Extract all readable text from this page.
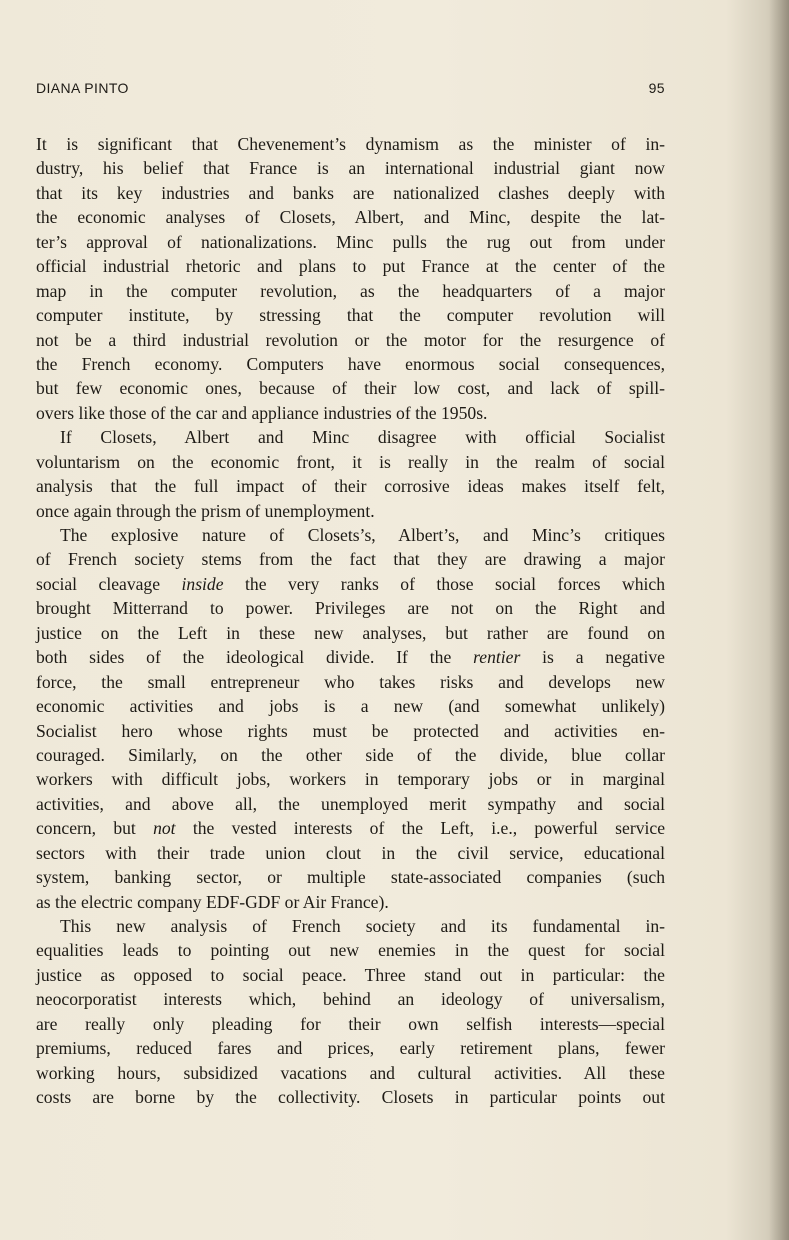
DIANA PINTO	95
It is significant that Chevenement’s dynamism as the minister of in-
dustry, his belief that France is an international industrial giant now
that its key industries and banks are nationalized clashes deeply with
the economic analyses of Closets, Albert, and Minc, despite the lat-
ter’s approval of nationalizations. Minc pulls the rug out from under
official industrial rhetoric and plans to put France at the center of the
map in the computer revolution, as the headquarters of a major
computer institute, by stressing that the computer revolution will
not be a third industrial revolution or the motor for the resurgence of
the French economy. Computers have enormous social consequences,
but few economic ones, because of their low cost, and lack of spill-
overs like those of the car and appliance industries of the 1950s.
If Closets, Albert and Minc disagree with official Socialist
voluntarism on the economic front, it is really in the realm of social
analysis that the full impact of their corrosive ideas makes itself felt,
once again through the prism of unemployment.
The explosive nature of Closets’s, Albert’s, and Minc’s critiques
of French society stems from the fact that they are drawing a major
social cleavage inside the very ranks of those social forces which
brought Mitterrand to power. Privileges are not on the Right and
justice on the Left in these new analyses, but rather are found on
both sides of the ideological divide. If the rentier is a negative
force, the small entrepreneur who takes risks and develops new
economic activities and jobs is a new (and somewhat unlikely)
Socialist hero whose rights must be protected and activities en-
couraged. Similarly, on the other side of the divide, blue collar
workers with difficult jobs, workers in temporary jobs or in marginal
activities, and above all, the unemployed merit sympathy and social
concern, but not the vested interests of the Left, i.e., powerful service
sectors with their trade union clout in the civil service, educational
system, banking sector, or multiple state-associated companies (such
as the electric company EDF-GDF or Air France).
This new analysis of French society and its fundamental in-
equalities leads to pointing out new enemies in the quest for social
justice as opposed to social peace. Three stand out in particular: the
neocorporatist interests which, behind an ideology of universalism,
are really only pleading for their own selfish interests—special
premiums, reduced fares and prices, early retirement plans, fewer
working hours, subsidized vacations and cultural activities. All these
costs are borne by the collectivity. Closets in particular points out
